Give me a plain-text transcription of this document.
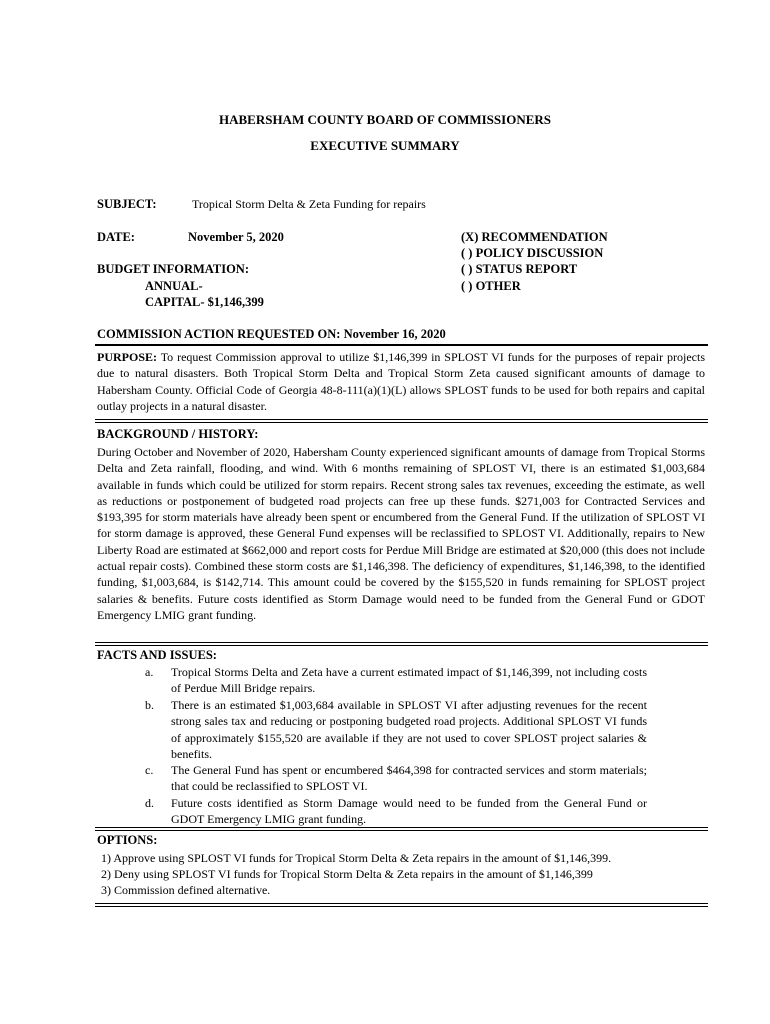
HABERSHAM COUNTY BOARD OF COMMISSIONERS
EXECUTIVE SUMMARY
SUBJECT:	Tropical Storm Delta & Zeta Funding for repairs
DATE:	November 5, 2020	(X) RECOMMENDATION
( ) POLICY DISCUSSION
( ) STATUS REPORT
( ) OTHER
BUDGET INFORMATION:
ANNUAL-
CAPITAL- $1,146,399
COMMISSION ACTION REQUESTED ON: November 16, 2020
PURPOSE: To request Commission approval to utilize $1,146,399 in SPLOST VI funds for the purposes of repair projects due to natural disasters. Both Tropical Storm Delta and Tropical Storm Zeta caused significant amounts of damage to Habersham County. Official Code of Georgia 48-8-111(a)(1)(L) allows SPLOST funds to be used for both repairs and capital outlay projects in a natural disaster.
BACKGROUND / HISTORY:
During October and November of 2020, Habersham County experienced significant amounts of damage from Tropical Storms Delta and Zeta rainfall, flooding, and wind. With 6 months remaining of SPLOST VI, there is an estimated $1,003,684 available in funds which could be utilized for storm repairs. Recent strong sales tax revenues, exceeding the estimate, as well as reductions or postponement of budgeted road projects can free up these funds. $271,003 for Contracted Services and $193,395 for storm materials have already been spent or encumbered from the General Fund. If the utilization of SPLOST VI for storm damage is approved, these General Fund expenses will be reclassified to SPLOST VI. Additionally, repairs to New Liberty Road are estimated at $662,000 and report costs for Perdue Mill Bridge are estimated at $20,000 (this does not include actual repair costs). Combined these storm costs are $1,146,398. The deficiency of expenditures, $1,146,398, to the identified funding, $1,003,684, is $142,714. This amount could be covered by the $155,520 in funds remaining for SPLOST project salaries & benefits. Future costs identified as Storm Damage would need to be funded from the General Fund or GDOT Emergency LMIG grant funding.
FACTS AND ISSUES:
a. Tropical Storms Delta and Zeta have a current estimated impact of $1,146,399, not including costs of Perdue Mill Bridge repairs.
b. There is an estimated $1,003,684 available in SPLOST VI after adjusting revenues for the recent strong sales tax and reducing or postponing budgeted road projects. Additional SPLOST VI funds of approximately $155,520 are available if they are not used to cover SPLOST project salaries & benefits.
c. The General Fund has spent or encumbered $464,398 for contracted services and storm materials; that could be reclassified to SPLOST VI.
d. Future costs identified as Storm Damage would need to be funded from the General Fund or GDOT Emergency LMIG grant funding.
OPTIONS:
1) Approve using SPLOST VI funds for Tropical Storm Delta & Zeta repairs in the amount of $1,146,399.
2) Deny using SPLOST VI funds for Tropical Storm Delta & Zeta repairs in the amount of $1,146,399
3) Commission defined alternative.
